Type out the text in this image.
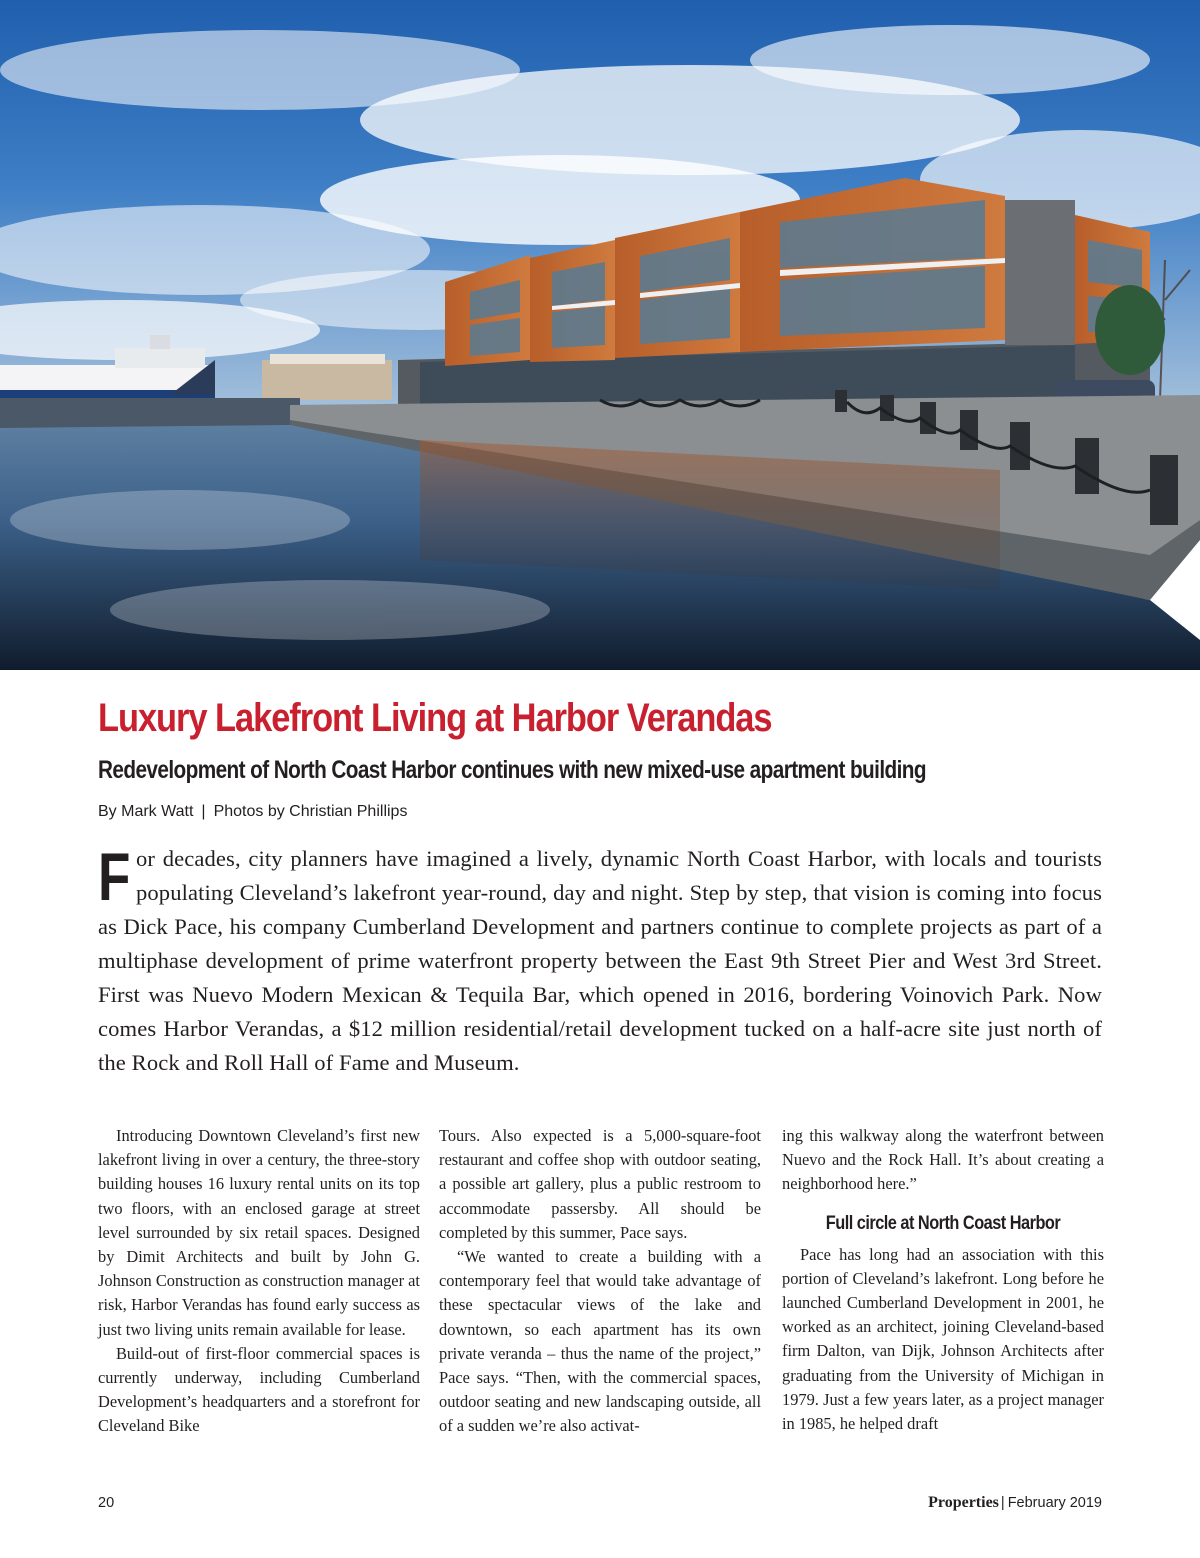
Luxury Lakefront Living at Harbor Verandas
Redevelopment of North Coast Harbor continues with new mixed-use apartment building
By Mark Watt | Photos by Christian Phillips
For decades, city planners have imagined a lively, dynamic North Coast Harbor, with locals and tourists populating Cleveland’s lakefront year-round, day and night. Step by step, that vision is coming into focus as Dick Pace, his company Cumberland Development and partners continue to complete projects as part of a multiphase development of prime waterfront property between the East 9th Street Pier and West 3rd Street. First was Nuevo Modern Mexican & Tequila Bar, which opened in 2016, bordering Voinovich Park. Now comes Harbor Verandas, a $12 million residential/retail development tucked on a half-acre site just north of the Rock and Roll Hall of Fame and Museum.

Introducing Downtown Cleveland’s first new lakefront living in over a century, the three-story building houses 16 luxury rental units on its top two floors, with an enclosed garage at street level surrounded by six retail spaces. Designed by Dimit Architects and built by John G. Johnson Construction as construction manager at risk, Harbor Verandas has found early success as just two living units remain available for lease.

Build-out of first-floor commercial spaces is currently underway, including Cumberland Development’s headquarters and a storefront for Cleveland Bike

Tours. Also expected is a 5,000-square-foot restaurant and coffee shop with outdoor seating, a possible art gallery, plus a public restroom to accommodate passersby. All should be completed by this summer, Pace says.

“We wanted to create a building with a contemporary feel that would take advantage of these spectacular views of the lake and downtown, so each apartment has its own private veranda – thus the name of the project,” Pace says. “Then, with the commercial spaces, outdoor seating and new landscaping outside, all of a sudden we’re also activat-

ing this walkway along the waterfront between Nuevo and the Rock Hall. It’s about creating a neighborhood here.”

Full circle at North Coast Harbor

Pace has long had an association with this portion of Cleveland’s lakefront. Long before he launched Cumberland Development in 2001, he worked as an architect, joining Cleveland-based firm Dalton, van Dijk, Johnson Architects after graduating from the University of Michigan in 1979. Just a few years later, as a project manager in 1985, he helped draft

20	Properties | February 2019
